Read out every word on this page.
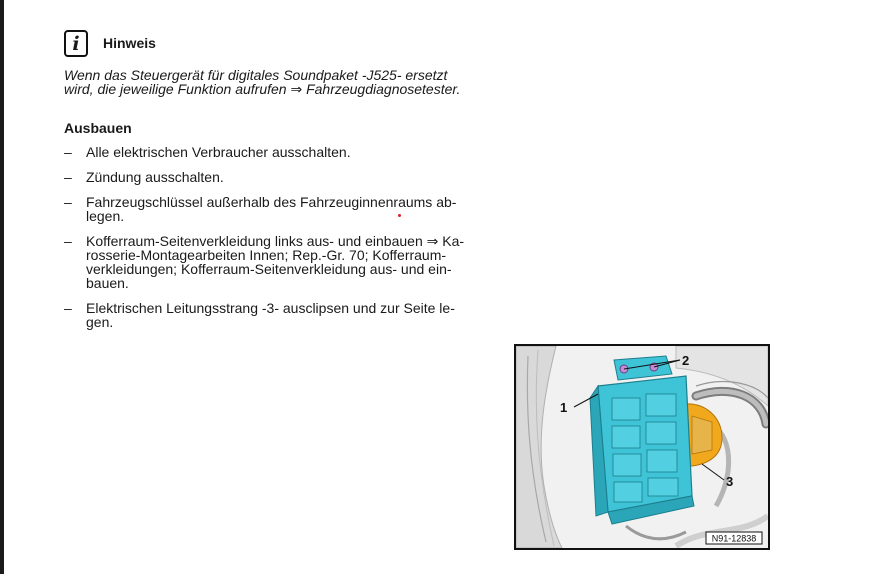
i	Hinweis
Wenn das Steuergerät für digitales Soundpaket -J525- ersetzt
wird, die jeweilige Funktion aufrufen ⇒ Fahrzeugdiagnosetester.
Ausbauen
– Alle elektrischen Verbraucher ausschalten.
– Zündung ausschalten.
– Fahrzeugschlüssel außerhalb des Fahrzeuginnenraums ab-
legen.
– Kofferraum-Seitenverkleidung links aus- und einbauen ⇒ Ka-
rosserie-Montagearbeiten Innen; Rep.-Gr. 70; Kofferraum-
verkleidungen; Kofferraum-Seitenverkleidung aus- und ein-
bauen.
– Elektrischen Leitungsstrang -3- ausclipsen und zur Seite le-
gen.
2
1
3
N91-12838
